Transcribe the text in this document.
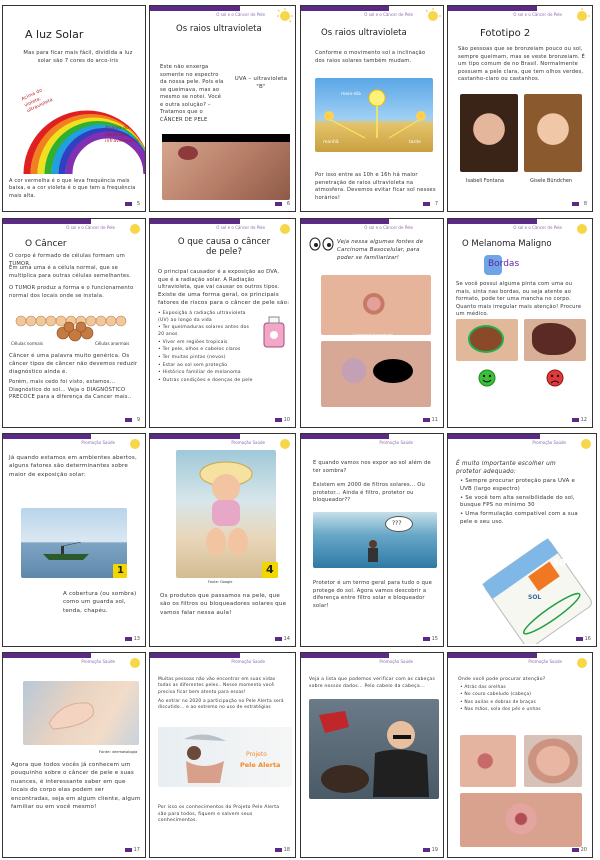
A luz Solar
Mas para ficar mais fácil, dividida a luz solar são 7 cores do arco-íris
Acima do violeta: ultravioleta
Abaixo do vermelho: infravermelho
A cor vermelha é o que leva frequência mais baixa, e a cor violeta é o que tem a frequência mais alta.
5
O sol e o Câncer de Pele
Os raios ultravioleta
Este não enxerga somente no espectro da nossa pele. Pois ela se queimava, mas ao mesmo se notei. Você e outra solução? – Tratamos que o CÂNCER DE PELE
UVA – ultravioleta "B"
6
O sol e o Câncer de Pele
Os raios ultravioleta
Conforme o movimento sol a inclinação dos raios solares também mudam.
meio-dia
manhã	tarde
Por isso entre as 10h e 16h há maior penetração de raios ultravioleta na atmosfera. Devemos evitar ficar sol nesses horários!
7
O sol e o Câncer de Pele
Fototipo 2
São pessoas que se bronzeiam pouco ou sol, sempre queimam, mas se veste bronzeiam. É um tipo comum de no Brasil. Normalmente possuem a pele clara, que tem olhos verdes, castanho-claro ou castanhos.
Isabeli Fontana	Gisele Bündchen
8
O sol e o Câncer de Pele
O Câncer
O corpo é formado de células formam um TUMOR.
Em uma uma é a célula normal, que se multiplica para outras células semelhantes.
O TUMOR produz a forma e o funcionamento normal dos locais onde se instala.
Células normais	Células anormais
Câncer é uma palavra muito genérica. Os câncer tipos de câncer não devemos reduzir diagnóstico ainda é.
Porém, mais cedo foi visto, estamos... Diagnóstico do sol... Veja o DIAGNÓSTICO PRECOCE para a diferença da Cancer mais..
9
O sol e o Câncer de Pele
O que causa o câncer de pele?
O principal causador é a exposição ao DVA, que é a radiação solar. A Radiação ultravioleta, que vai causar os outros tipos.
Existe de uma forma geral, os principais fatores de riscos para o câncer de pele são:
• Exposição à radiação ultravioleta (UV) ao longo da vida
• Ter queimaduras solares antes dos 20 anos
• Viver em regiões tropicais
• Ter pele, olhos e cabelos claros
• Ter muitas pintas (nevos)
• Estar ao sol sem proteção
• Histórico familiar de melanoma
• Outras condições e doenças de pele
10
O sol e o Câncer de Pele
Veja nessa algumas fontes de Carcinoma Basocelular, para poder se familiarizar!
Carcinoma basocelular
11
O sol e o Câncer de Pele
O Melanoma Maligno
Bordas
Se você possui alguma pinta com uma ou mais, sinta nas bordas, ou seja atente ao formato, pode ter uma mancha no corpo. Quanto mais irregular mais atenção! Procure um médico.
12
Promoção Saúde
Já quando estamos em ambientes abertos, alguns fatores são determinantes sobre maior de exposição solar:
1
A cobertura (ou sombra) como um guarda sol, tenda, chapéu.
13
Promoção Saúde
4
Fonte: Google
Os produtos que passamos na pele, que são os filtros ou bloqueadores solares que vamos falar nessa aula!
14
Promoção Saúde
E quando vamos nos expor ao sol além de ter sombra?
Existem em 2000 de filtros solares... Ou protetor... Ainda é filtro, protetor ou bloqueador??
???
Protetor é um termo geral para tudo o que protege do sol. Agora vamos descobrir a diferença entre filtro solar e bloqueador solar!
15
Promoção Saúde
É muito importante escolher um protetor adequado:
• Sempre procurar proteção para UVA e UVB (largo espectro)
• Se você tem alta sensibilidade do sol, busque FPS no mínimo 30
• Uma formulação compatível com a sua pele e seu uso.
30
SOL
16
Promoção Saúde
Fonte: dermatologia
Agora que todos vocês já conhecem um pouquinho sobre o câncer de pele e suas nuances, é interessante saber em que locais do corpo elas podem ser encontradas, seja em algum cliente, algum familiar ou em você mesmo!
17
Promoção Saúde
Muitas pessoas não vão encontrar em suas vidas todas as diferentes peles.. Nesse momento você precisa ficar bem atento para essas!
Ao entrar no 2020 a participação no Pele Alerta será discutido... e ao extremo no uso de estratégias
Projeto
Pele Alerta
Por isso os conhecimentos do Projeto Pele Alerta são para todos, fiquem e salvem seus conhecimentos.
18
Promoção Saúde
Veja a lista que podemos verificar com as cabeças sobre nossos dados... Pelo cabelo da cabeça...
19
Promoção Saúde
Onde você pode procurar atenção?
• Atrás das orelhas
• No couro cabeludo (cabeça)
• Nas axilas e dobras de braços
• Nas mãos, sola dos pés e unhas
20
